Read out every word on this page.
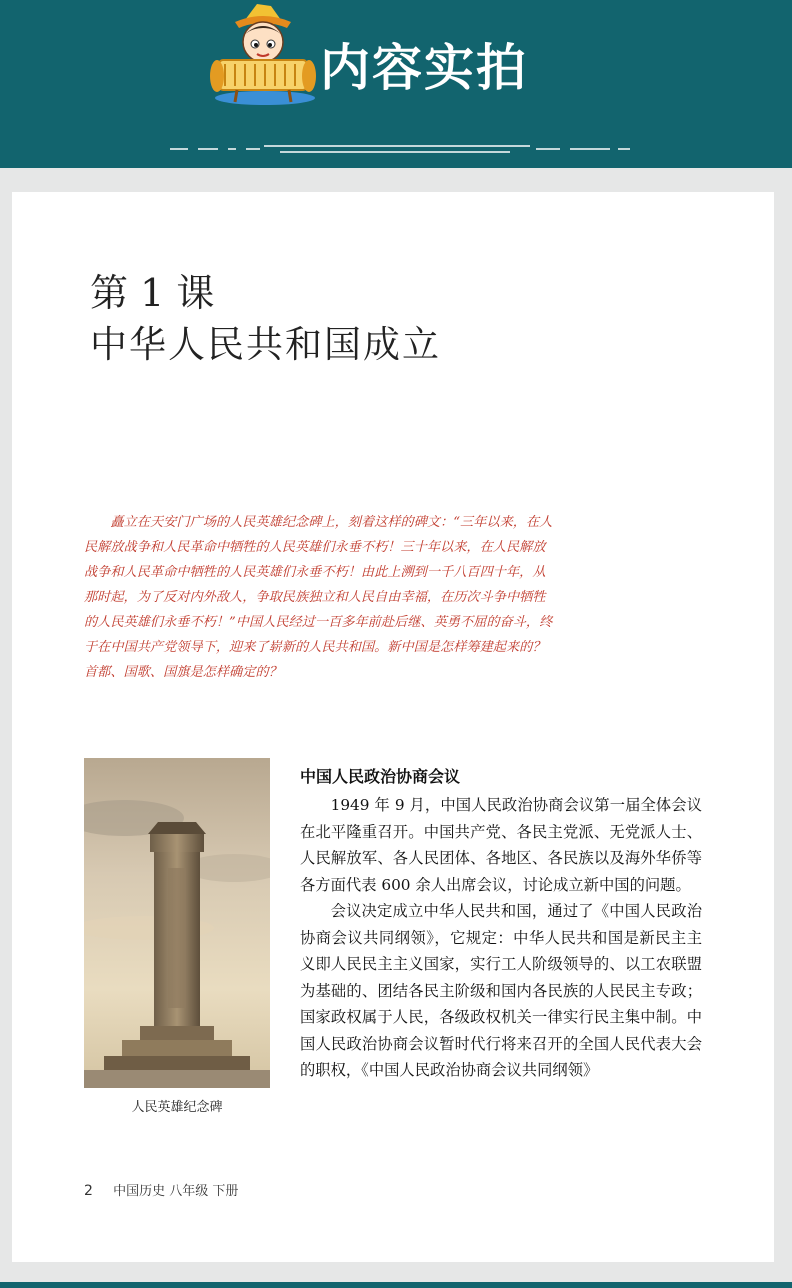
内容实拍
第 1 课
中华人民共和国成立

矗立在天安门广场的人民英雄纪念碑上，刻着这样的碑文：“三年以来，在人民解放战争和人民革命中牺牲的人民英雄们永垂不朽！三十年以来，在人民解放战争和人民革命中牺牲的人民英雄们永垂不朽！由此上溯到一千八百四十年，从那时起，为了反对内外敌人，争取民族独立和人民自由幸福，在历次斗争中牺牲的人民英雄们永垂不朽！”中国人民经过一百多年前赴后继、英勇不屈的奋斗，终于在中国共产党领导下，迎来了崭新的人民共和国。新中国是怎样筹建起来的？首都、国歌、国旗是怎样确定的？

人民英雄纪念碑
中国人民政治协商会议

1949 年 9 月，中国人民政治协商会议第一届全体会议在北平隆重召开。中国共产党、各民主党派、无党派人士、人民解放军、各人民团体、各地区、各民族以及海外华侨等各方面代表 600 余人出席会议，讨论成立新中国的问题。

会议决定成立中华人民共和国，通过了《中国人民政治协商会议共同纲领》，它规定：中华人民共和国是新民主主义即人民民主主义国家，实行工人阶级领导的、以工农联盟为基础的、团结各民主阶级和国内各民族的人民民主专政；国家政权属于人民，各级政权机关一律实行民主集中制。中国人民政治协商会议暂时代行将来召开的全国人民代表大会的职权，《中国人民政治协商会议共同纲领》

2 中国历史 八年级 下册
